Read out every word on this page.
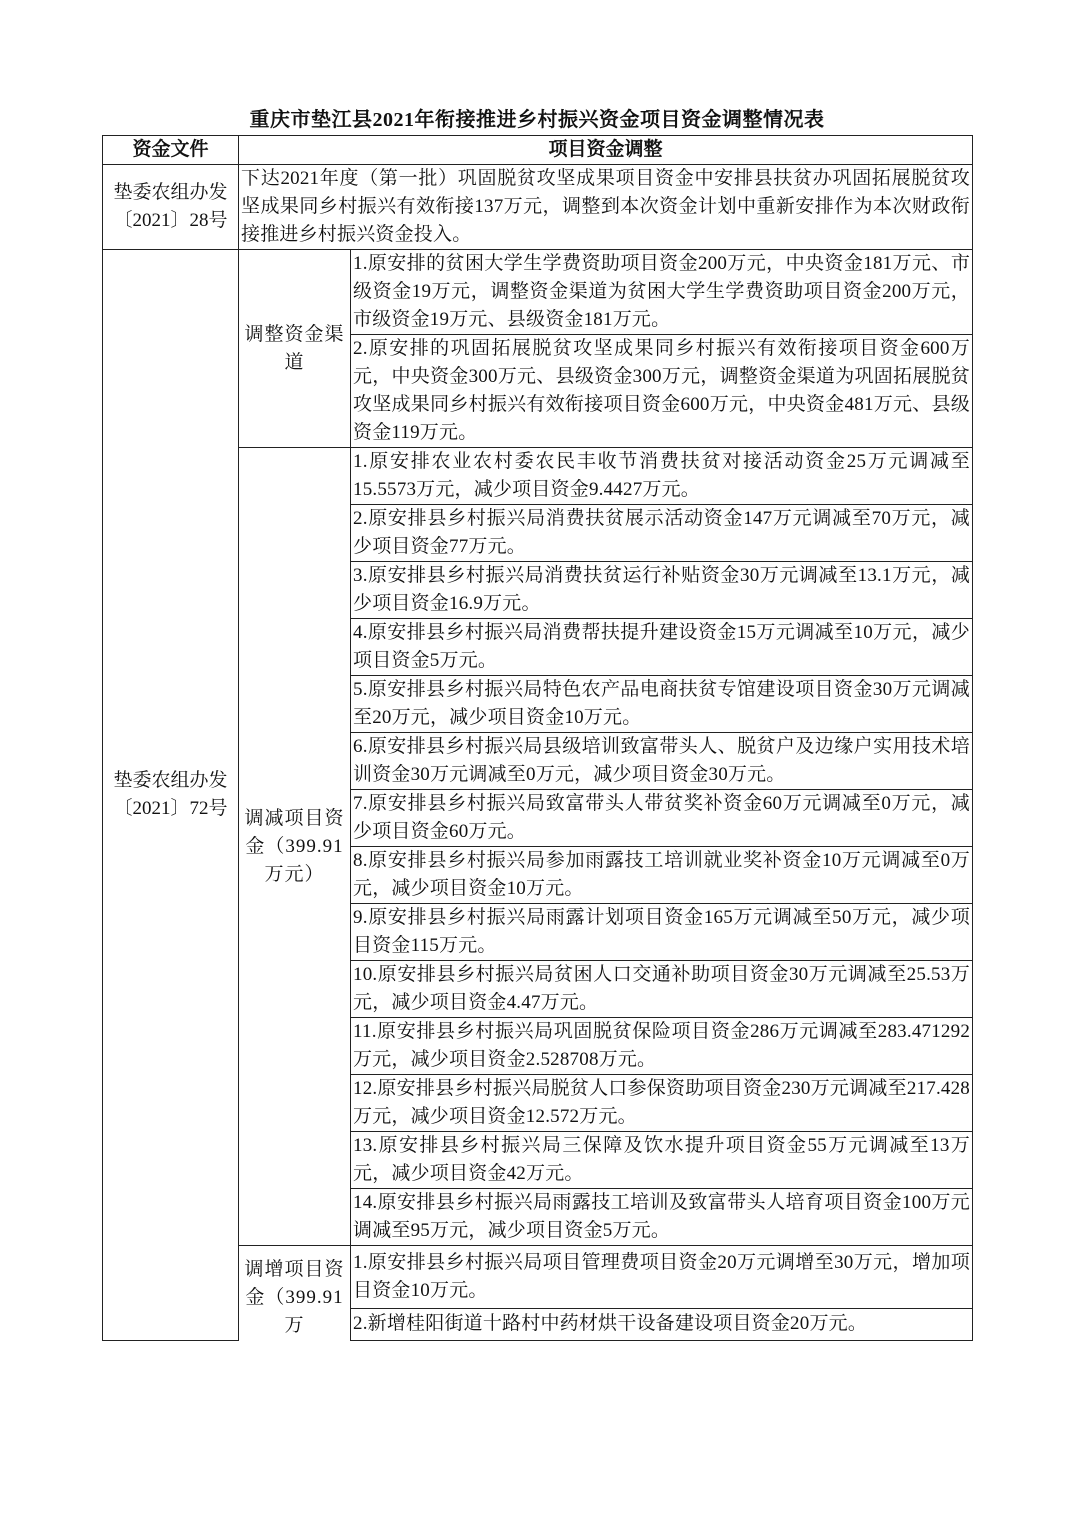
重庆市垫江县2021年衔接推进乡村振兴资金项目资金调整情况表
资金文件	项目资金调整	
垫委农组办发〔2021〕28号	下达2021年度（第一批）巩固脱贫攻坚成果项目资金中安排县扶贫办巩固拓展脱贫攻坚成果同乡村振兴有效衔接137万元，调整到本次资金计划中重新安排作为本次财政衔接推进乡村振兴资金投入。	
垫委农组办发〔2021〕72号	调整资金渠道	1.原安排的贫困大学生学费资助项目资金200万元，中央资金181万元、市级资金19万元，调整资金渠道为贫困大学生学费资助项目资金200万元，市级资金19万元、县级资金181万元。
		2.原安排的巩固拓展脱贫攻坚成果同乡村振兴有效衔接项目资金600万元，中央资金300万元、县级资金300万元，调整资金渠道为巩固拓展脱贫攻坚成果同乡村振兴有效衔接项目资金600万元，中央资金481万元、县级资金119万元。
	调减项目资金（399.91万元）	1.原安排农业农村委农民丰收节消费扶贫对接活动资金25万元调减至15.5573万元，减少项目资金9.4427万元。
		2.原安排县乡村振兴局消费扶贫展示活动资金147万元调减至70万元，减少项目资金77万元。
		3.原安排县乡村振兴局消费扶贫运行补贴资金30万元调减至13.1万元，减少项目资金16.9万元。
		4.原安排县乡村振兴局消费帮扶提升建设资金15万元调减至10万元，减少项目资金5万元。
		5.原安排县乡村振兴局特色农产品电商扶贫专馆建设项目资金30万元调减至20万元，减少项目资金10万元。
		6.原安排县乡村振兴局县级培训致富带头人、脱贫户及边缘户实用技术培训资金30万元调减至0万元，减少项目资金30万元。
		7.原安排县乡村振兴局致富带头人带贫奖补资金60万元调减至0万元，减少项目资金60万元。
		8.原安排县乡村振兴局参加雨露技工培训就业奖补资金10万元调减至0万元，减少项目资金10万元。
		9.原安排县乡村振兴局雨露计划项目资金165万元调减至50万元，减少项目资金115万元。
		10.原安排县乡村振兴局贫困人口交通补助项目资金30万元调减至25.53万元，减少项目资金4.47万元。
		11.原安排县乡村振兴局巩固脱贫保险项目资金286万元调减至283.471292万元，减少项目资金2.528708万元。
		12.原安排县乡村振兴局脱贫人口参保资助项目资金230万元调减至217.428万元，减少项目资金12.572万元。
		13.原安排县乡村振兴局三保障及饮水提升项目资金55万元调减至13万元，减少项目资金42万元。
		14.原安排县乡村振兴局雨露技工培训及致富带头人培育项目资金100万元调减至95万元，减少项目资金5万元。

	调增项目资金（399.91万	1.原安排县乡村振兴局项目管理费项目资金20万元调增至30万元，增加项目资金10万元。
		2.新增桂阳街道十路村中药材烘干设备建设项目资金20万元。
